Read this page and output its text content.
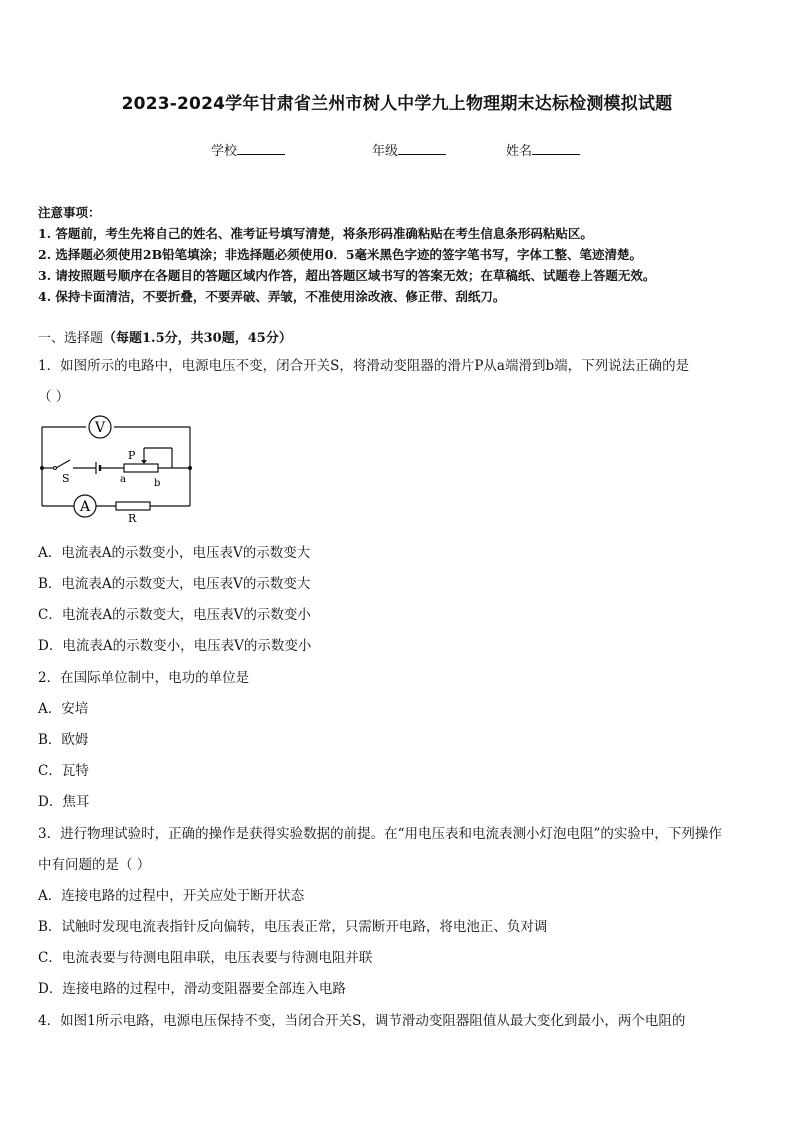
2023-2024学年甘肃省兰州市树人中学九上物理期末达标检测模拟试题
学校	年级	姓名
注意事项：
1. 答题前，考生先将自己的姓名、准考证号填写清楚，将条形码准确粘贴在考生信息条形码粘贴区。
2. 选择题必须使用2B铅笔填涂；非选择题必须使用0．5毫米黑色字迹的签字笔书写，字体工整、笔迹清楚。
3. 请按照题号顺序在各题目的答题区域内作答，超出答题区域书写的答案无效；在草稿纸、试题卷上答题无效。
4. 保持卡面清洁，不要折叠，不要弄破、弄皱，不准使用涂改液、修正带、刮纸刀。
一、选择题（每题1.5分，共30题，45分）
1．如图所示的电路中，电源电压不变，闭合开关S，将滑动变阻器的滑片P从a端滑到b端，下列说法正确的是
（ ）
V
A
S
P
a	b
R
A．电流表A的示数变小，电压表V的示数变大
B．电流表A的示数变大，电压表V的示数变大
C．电流表A的示数变大，电压表V的示数变小
D．电流表A的示数变小，电压表V的示数变小
2．在国际单位制中，电功的单位是
A．安培
B．欧姆
C．瓦特
D．焦耳
3．进行物理试验时，正确的操作是获得实验数据的前提。在“用电压表和电流表测小灯泡电阻”的实验中，下列操作
中有问题的是（ ）
A．连接电路的过程中，开关应处于断开状态
B．试触时发现电流表指针反向偏转，电压表正常，只需断开电路，将电池正、负对调
C．电流表要与待测电阻串联，电压表要与待测电阻并联
D．连接电路的过程中，滑动变阻器要全部连入电路
4．如图1所示电路，电源电压保持不变，当闭合开关S，调节滑动变阻器阻值从最大变化到最小，两个电阻的
